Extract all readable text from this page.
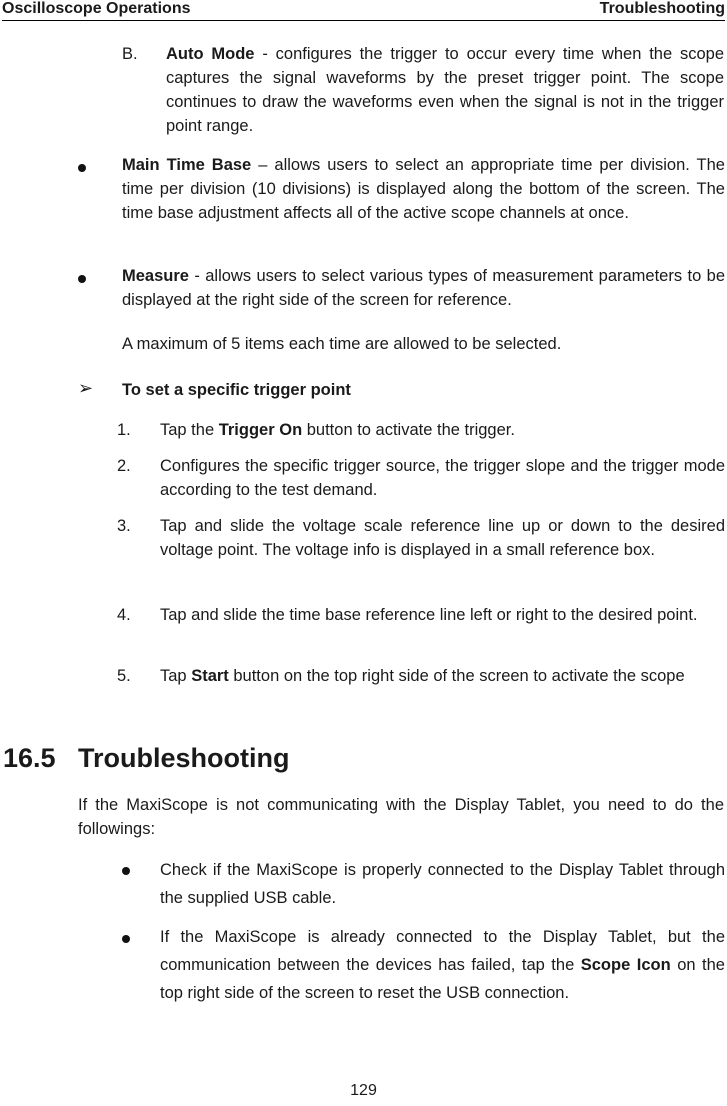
Oscilloscope Operations	Troubleshooting
B. Auto Mode - configures the trigger to occur every time when the scope captures the signal waveforms by the preset trigger point. The scope continues to draw the waveforms even when the signal is not in the trigger point range.
Main Time Base – allows users to select an appropriate time per division. The time per division (10 divisions) is displayed along the bottom of the screen. The time base adjustment affects all of the active scope channels at once.
Measure - allows users to select various types of measurement parameters to be displayed at the right side of the screen for reference.
A maximum of 5 items each time are allowed to be selected.
➢ To set a specific trigger point
1. Tap the Trigger On button to activate the trigger.
2. Configures the specific trigger source, the trigger slope and the trigger mode according to the test demand.
3. Tap and slide the voltage scale reference line up or down to the desired voltage point. The voltage info is displayed in a small reference box.
4. Tap and slide the time base reference line left or right to the desired point.
5. Tap Start button on the top right side of the screen to activate the scope
16.5 Troubleshooting
If the MaxiScope is not communicating with the Display Tablet, you need to do the followings:
Check if the MaxiScope is properly connected to the Display Tablet through the supplied USB cable.
If the MaxiScope is already connected to the Display Tablet, but the communication between the devices has failed, tap the Scope Icon on the top right side of the screen to reset the USB connection.
129
